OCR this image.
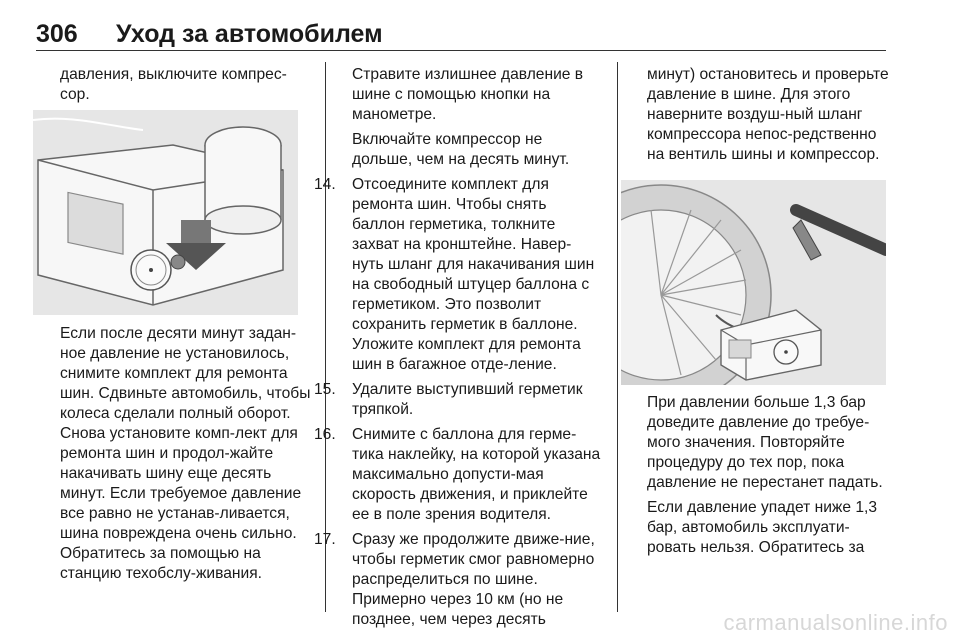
306 Уход за автомобилем

давления, выключите компрес-сор.

Если после десяти минут задан-ное давление не установилось, снимите комплект для ремонта шин. Сдвиньте автомобиль, чтобы колеса сделали полный оборот. Снова установите комп-лект для ремонта шин и продол-жайте накачивать шину еще десять минут. Если требуемое давление все равно не устанав-ливается, шина повреждена очень сильно. Обратитесь за помощью на станцию техобслу-живания.

Стравите излишнее давление в шине с помощью кнопки на манометре.

Включайте компрессор не дольше, чем на десять минут.

14. Отсоедините комплект для ремонта шин. Чтобы снять баллон герметика, толкните захват на кронштейне. Навер-нуть шланг для накачивания шин на свободный штуцер баллона с герметиком. Это позволит сохранить герметик в баллоне. Уложите комплект для ремонта шин в багажное отде-ление.
15. Удалите выступивший герметик тряпкой.
16. Снимите с баллона для герме-тика наклейку, на которой указана максимально допусти-мая скорость движения, и приклейте ее в поле зрения водителя.
17. Сразу же продолжите движе-ние, чтобы герметик смог равномерно распределиться по шине. Примерно через 10 км (но не позднее, чем через десять

минут) остановитесь и проверьте давление в шине. Для этого наверните воздуш-ный шланг компрессора непос-редственно на вентиль шины и компрессор.

При давлении больше 1,3 бар доведите давление до требуе-мого значения. Повторяйте процедуру до тех пор, пока давление не перестанет падать.

Если давление упадет ниже 1,3 бар, автомобиль эксплуати-ровать нельзя. Обратитесь за

carmanualsonline.info
